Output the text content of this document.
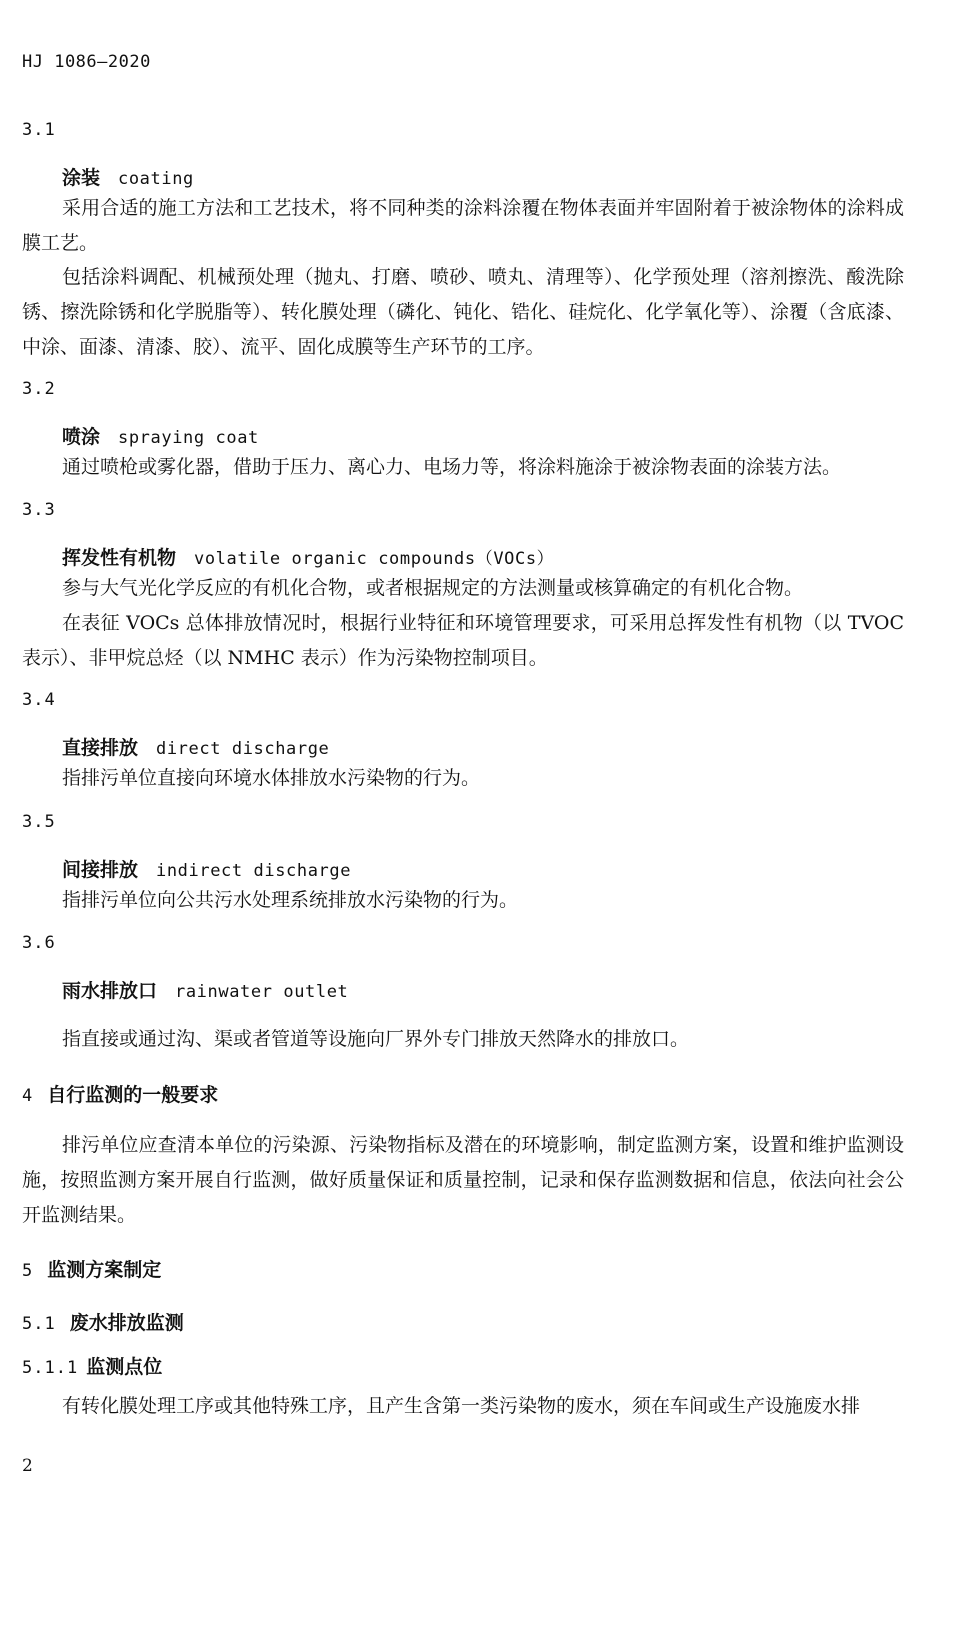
HJ 1086—2020
3.1
涂装 coating

采用合适的施工方法和工艺技术，将不同种类的涂料涂覆在物体表面并牢固附着于被涂物体的涂料成膜工艺。

包括涂料调配、机械预处理（抛丸、打磨、喷砂、喷丸、清理等）、化学预处理（溶剂擦洗、酸洗除锈、擦洗除锈和化学脱脂等）、转化膜处理（磷化、钝化、锆化、硅烷化、化学氧化等）、涂覆（含底漆、中涂、面漆、清漆、胶）、流平、固化成膜等生产环节的工序。

3.2
喷涂 spraying coat

通过喷枪或雾化器，借助于压力、离心力、电场力等，将涂料施涂于被涂物表面的涂装方法。

3.3
挥发性有机物 volatile organic compounds（VOCs）

参与大气光化学反应的有机化合物，或者根据规定的方法测量或核算确定的有机化合物。

在表征 VOCs 总体排放情况时，根据行业特征和环境管理要求，可采用总挥发性有机物（以 TVOC 表示）、非甲烷总烃（以 NMHC 表示）作为污染物控制项目。

3.4
直接排放 direct discharge

指排污单位直接向环境水体排放水污染物的行为。

3.5
间接排放 indirect discharge

指排污单位向公共污水处理系统排放水污染物的行为。

3.6
雨水排放口 rainwater outlet

指直接或通过沟、渠或者管道等设施向厂界外专门排放天然降水的排放口。

4 自行监测的一般要求

排污单位应查清本单位的污染源、污染物指标及潜在的环境影响，制定监测方案，设置和维护监测设施，按照监测方案开展自行监测，做好质量保证和质量控制，记录和保存监测数据和信息，依法向社会公开监测结果。

5 监测方案制定
5.1 废水排放监测
5.1.1 监测点位

有转化膜处理工序或其他特殊工序，且产生含第一类污染物的废水，须在车间或生产设施废水排

2
